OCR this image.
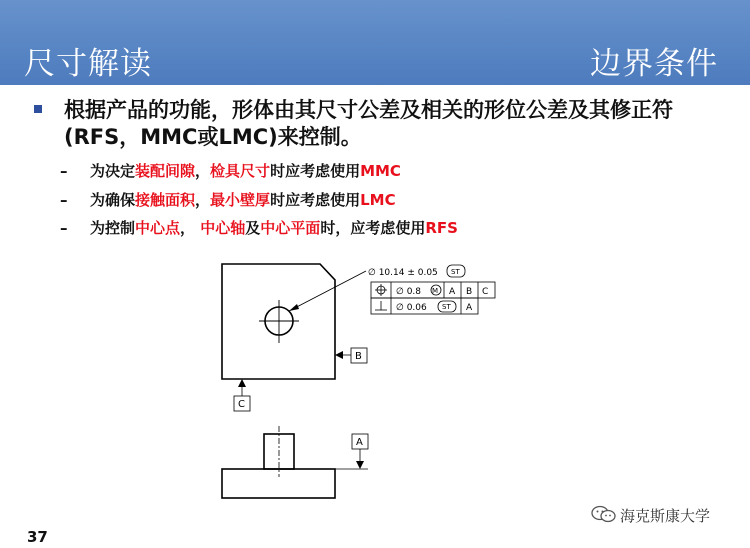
尺寸解读	边界条件
根据产品的功能，形体由其尺寸公差及相关的形位公差及其修正符(RFS，MMC或LMC)来控制。
– 为决定装配间隙，检具尺寸时应考虑使用MMC
– 为确保接触面积，最小壁厚时应考虑使用LMC
– 为控制中心点， 中心轴及中心平面时，应考虑使用RFS
∅ 10.14 ± 0.05 ST
∅ 0.8 M A B C
∅ 0.06 ST A
B
C
A
37
海克斯康大学
